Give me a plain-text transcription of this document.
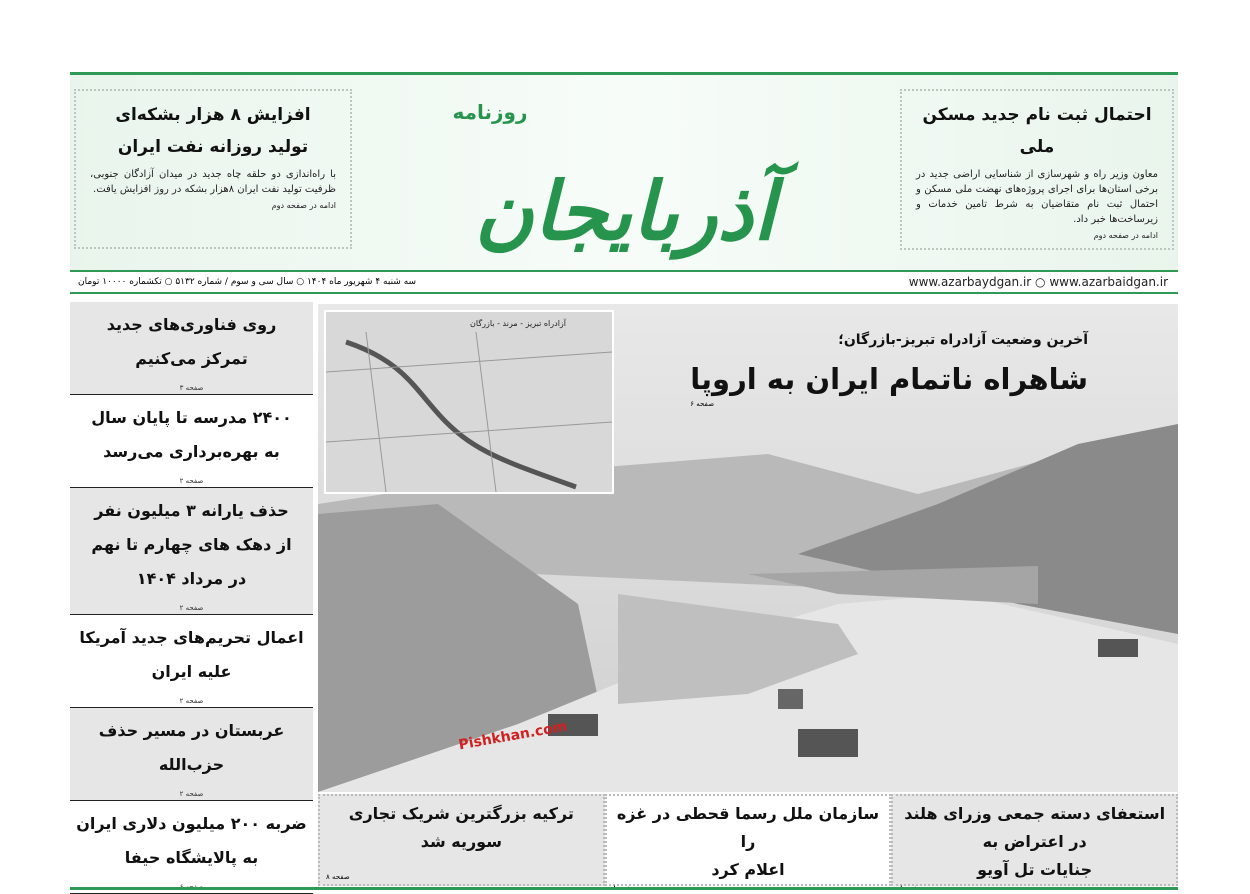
افزایش ۸ هزار بشکه‌ای
تولید روزانه نفت ایران

با راه‌اندازی دو حلقه چاه جدید در میدان آزادگان جنوبی، ظرفیت تولید نفت ایران ۸هزار بشکه در روز افزایش یافت.

ادامه در صفحه دوم آذربایجان
روزنامه	احتمال ثبت نام جدید مسکن ملی

معاون وزیر راه و شهرسازی از شناسایی اراضی جدید در برخی استان‌ها برای اجرای پروژه‌های نهضت ملی مسکن و احتمال ثبت نام متقاضیان به شرط تامین خدمات و زیرساخت‌ها خبر داد.

ادامه در صفحه دوم
سه شنبه ۴ شهریور ماه ۱۴۰۴ ○ سال سی و سوم / شماره ۵۱۳۲ ○ تکشماره ۱۰۰۰۰ تومان	www.azarbaydgan.ir ○ www.azarbaidgan.ir
روی فناوری‌های جدید
تمرکز می‌کنیم
صفحه ۳
۲۴۰۰ مدرسه تا پایان سال
به بهره‌برداری می‌رسد
صفحه ۲
حذف یارانه ۳ میلیون نفر
از دهک های چهارم تا نهم
در مرداد ۱۴۰۴
صفحه ۲
اعمال تحریم‌های جدید آمریکا
علیه ایران
صفحه ۲
عربستان در مسیر حذف حزب‌الله
صفحه ۲
ضربه ۲۰۰ میلیون دلاری ایران
به پالایشگاه حیفا
آزادراه تبریز - مرند - بازرگان
آخرین وضعیت آزادراه تبریز-بازرگان؛
شاهراه ناتمام ایران به اروپا
صفحه ۶
استعفای دسته جمعی وزرای هلند در اعتراض به
جنایات تل آویو
سازمان ملل رسما قحطی در غزه را
اعلام کرد
ترکیه بزرگترین شریک تجاری
سوریه شد
صفحه ۸
Pishkhan.com
